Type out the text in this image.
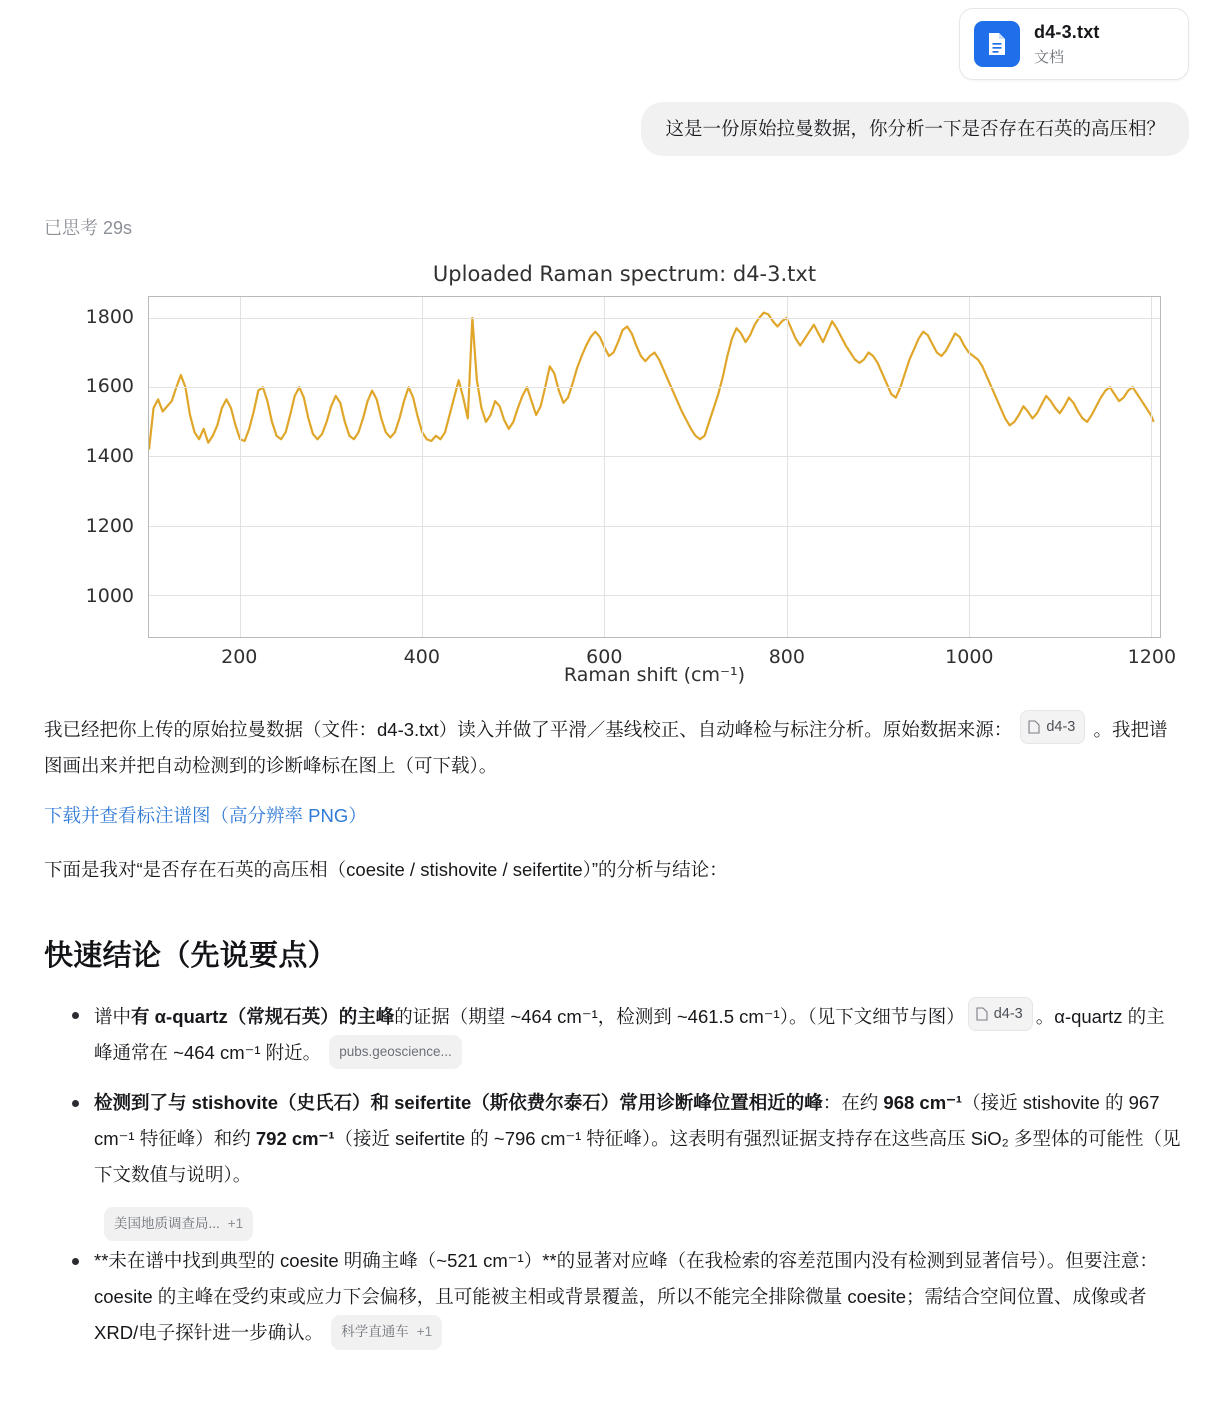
d4-3.txt
文档
这是一份原始拉曼数据，你分析一下是否存在石英的高压相？
已思考 29s
Uploaded Raman spectrum: d4-3.txt
1000
1200
1400
1600
1800
200	400	600	800	1000	1200
Raman shift (cm⁻¹)

我已经把你上传的原始拉曼数据（文件：d4-3.txt）读入并做了平滑／基线校正、自动峰检与标注分析。原始数据来源： d4-3 。我把谱图画出来并把自动检测到的诊断峰标在图上（可下载）。

下载并查看标注谱图（高分辨率 PNG）

下面是我对“是否存在石英的高压相（coesite / stishovite / seifertite）”的分析与结论：

快速结论（先说要点）
谱中有 α-quartz（常规石英）的主峰的证据（期望 ~464 cm⁻¹，检测到 ~461.5 cm⁻¹）。（见下文细节与图） d4-3 。α-quartz 的主峰通常在 ~464 cm⁻¹ 附近。 pubs.geoscience...
检测到了与 stishovite（史氏石）和 seifertite（斯依费尔泰石）常用诊断峰位置相近的峰：在约 968 cm⁻¹（接近 stishovite 的 967 cm⁻¹ 特征峰）和约 792 cm⁻¹（接近 seifertite 的 ~796 cm⁻¹ 特征峰）。这表明有强烈证据支持存在这些高压 SiO₂ 多型体的可能性（见下文数值与说明）。
美国地质调查局... +1
**未在谱中找到典型的 coesite 明确主峰（~521 cm⁻¹）**的显著对应峰（在我检索的容差范围内没有检测到显著信号）。但要注意：coesite 的主峰在受约束或应力下会偏移，且可能被主相或背景覆盖，所以不能完全排除微量 coesite；需结合空间位置、成像或者 XRD/电子探针进一步确认。 科学直通车 +1
